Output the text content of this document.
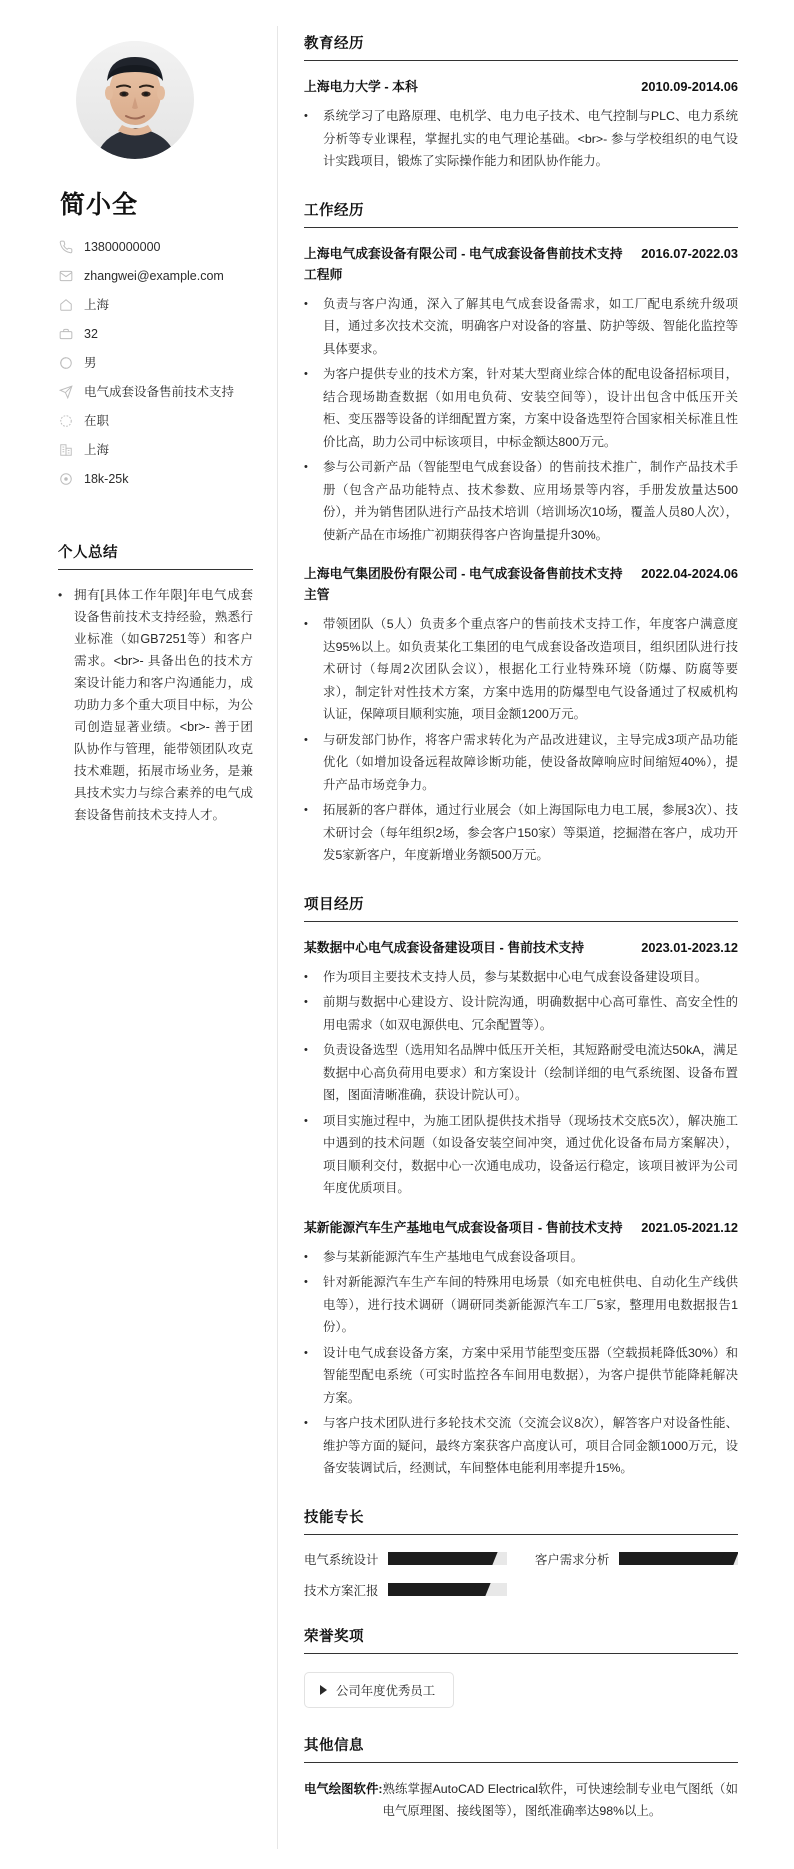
简小全
13800000000
zhangwei@example.com
上海
32
男
电气成套设备售前技术支持
在职
上海
18k-25k
个人总结
• 拥有[具体工作年限]年电气成套设备售前技术支持经验，熟悉行业标准（如GB7251等）和客户需求。<br>- 具备出色的技术方案设计能力和客户沟通能力，成功助力多个重大项目中标，为公司创造显著业绩。<br>- 善于团队协作与管理，能带领团队攻克技术难题，拓展市场业务，是兼具技术实力与综合素养的电气成套设备售前技术支持人才。
教育经历
上海电力大学 - 本科	2010.09-2014.06
•	系统学习了电路原理、电机学、电力电子技术、电气控制与PLC、电力系统分析等专业课程，掌握扎实的电气理论基础。<br>- 参与学校组织的电气设计实践项目，锻炼了实际操作能力和团队协作能力。
工作经历
上海电气成套设备有限公司 - 电气成套设备售前技术支持工程师
2016.07-2022.03
•	负责与客户沟通，深入了解其电气成套设备需求，如工厂配电系统升级项目，通过多次技术交流，明确客户对设备的容量、防护等级、智能化监控等具体要求。
•	为客户提供专业的技术方案，针对某大型商业综合体的配电设备招标项目，结合现场勘查数据（如用电负荷、安装空间等），设计出包含中低压开关柜、变压器等设备的详细配置方案，方案中设备选型符合国家相关标准且性价比高，助力公司中标该项目，中标金额达800万元。
•	参与公司新产品（智能型电气成套设备）的售前技术推广，制作产品技术手册（包含产品功能特点、技术参数、应用场景等内容，手册发放量达500份），并为销售团队进行产品技术培训（培训场次10场，覆盖人员80人次），使新产品在市场推广初期获得客户咨询量提升30%。
上海电气集团股份有限公司 - 电气成套设备售前技术支持主管
2022.04-2024.06
•	带领团队（5人）负责多个重点客户的售前技术支持工作，年度客户满意度达95%以上。如负责某化工集团的电气成套设备改造项目，组织团队进行技术研讨（每周2次团队会议），根据化工行业特殊环境（防爆、防腐等要求），制定针对性技术方案，方案中选用的防爆型电气设备通过了权威机构认证，保障项目顺利实施，项目金额1200万元。
•	与研发部门协作，将客户需求转化为产品改进建议，主导完成3项产品功能优化（如增加设备远程故障诊断功能，使设备故障响应时间缩短40%），提升产品市场竞争力。
•	拓展新的客户群体，通过行业展会（如上海国际电力电工展，参展3次）、技术研讨会（每年组织2场，参会客户150家）等渠道，挖掘潜在客户，成功开发5家新客户，年度新增业务额500万元。
项目经历
某数据中心电气成套设备建设项目 - 售前技术支持	2023.01-2023.12
•	作为项目主要技术支持人员，参与某数据中心电气成套设备建设项目。
•	前期与数据中心建设方、设计院沟通，明确数据中心高可靠性、高安全性的用电需求（如双电源供电、冗余配置等）。
•	负责设备选型（选用知名品牌中低压开关柜，其短路耐受电流达50kA，满足数据中心高负荷用电要求）和方案设计（绘制详细的电气系统图、设备布置图，图面清晰准确，获设计院认可）。
•	项目实施过程中，为施工团队提供技术指导（现场技术交底5次），解决施工中遇到的技术问题（如设备安装空间冲突，通过优化设备布局方案解决），项目顺利交付，数据中心一次通电成功，设备运行稳定，该项目被评为公司年度优质项目。
某新能源汽车生产基地电气成套设备项目 - 售前技术支持 2021.05-2021.12
•	参与某新能源汽车生产基地电气成套设备项目。
•	针对新能源汽车生产车间的特殊用电场景（如充电桩供电、自动化生产线供电等），进行技术调研（调研同类新能源汽车工厂5家，整理用电数据报告1份）。
•	设计电气成套设备方案，方案中采用节能型变压器（空载损耗降低30%）和智能型配电系统（可实时监控各车间用电数据），为客户提供节能降耗解决方案。
•	与客户技术团队进行多轮技术交流（交流会议8次），解答客户对设备性能、维护等方面的疑问，最终方案获客户高度认可，项目合同金额1000万元，设备安装调试后，经测试，车间整体电能利用率提升15%。
技能专长
电气系统设计	客户需求分析
技术方案汇报
荣誉奖项
公司年度优秀员工
其他信息
电气绘图软件: 熟练掌握AutoCAD Electrical软件，可快速绘制专业电气图纸（如电气原理图、接线图等），图纸准确率达98%以上。
